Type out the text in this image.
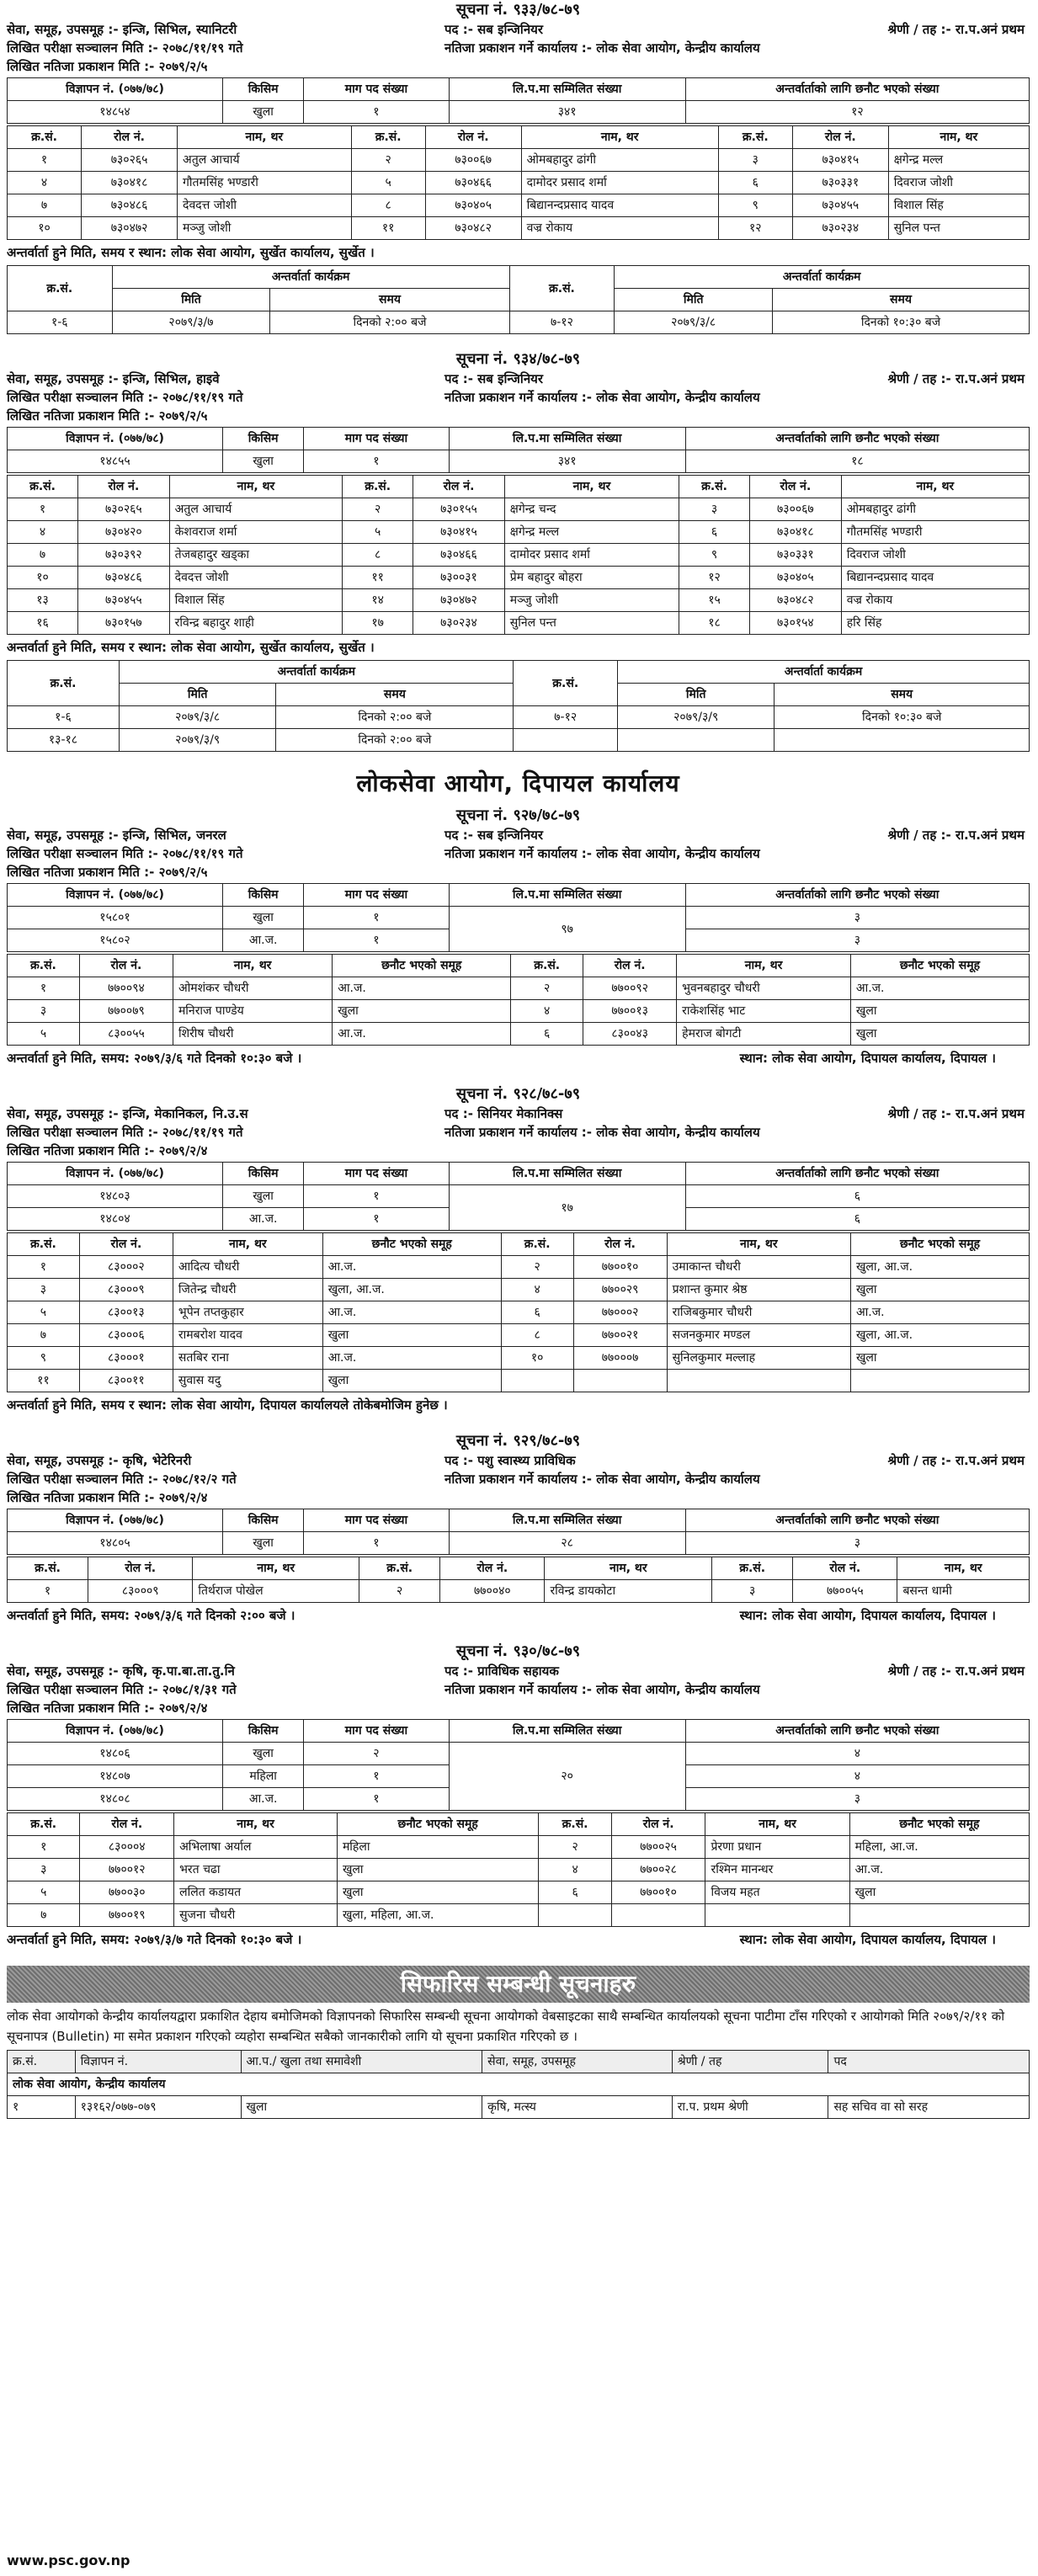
सूचना नं. ९३३/७८-७९
सेवा, समूह, उपसमूह :- इन्जि, सिभिल, स्यानिटरी	पद :- सब इन्जिनियर	श्रेणी / तह :- रा.प.अनं प्रथम
लिखित परीक्षा सञ्चालन मिति :- २०७८/११/१९ गते	नतिजा प्रकाशन गर्ने कार्यालय :- लोक सेवा आयोग, केन्द्रीय कार्यालय
लिखित नतिजा प्रकाशन मिति :- २०७९/२/५
विज्ञापन नं. (०७७/७८)	किसिम	माग पद संख्या	लि.प.मा सम्मिलित संख्या	अन्तर्वार्ताको लागि छनौट भएको संख्या
१४८५४	खुला	१	३४१	१२
क्र.सं.	रोल नं.	नाम, थर	क्र.सं.	रोल नं.	नाम, थर	क्र.सं.	रोल नं.	नाम, थर
१	७३०२६५	अतुल आचार्य	२	७३००६७	ओमबहादुर ढांगी	३	७३०४१५	क्षगेन्द्र मल्ल
४	७३०४१८	गौतमसिंह भण्डारी	५	७३०४६६	दामोदर प्रसाद शर्मा	६	७३०३३१	दिवराज जोशी
७	७३०४८६	देवदत्त जोशी	८	७३०४०५	बिद्यानन्दप्रसाद यादव	९	७३०४५५	विशाल सिंह
१०	७३०४७२	मञ्जु जोशी	११	७३०४८२	वज्र रोकाय	१२	७३०२३४	सुनिल पन्त
अन्तर्वार्ता हुने मिति, समय र स्थान: लोक सेवा आयोग, सुर्खेत कार्यालय, सुर्खेत ।
क्र.सं.	अन्तर्वार्ता कार्यक्रम		क्र.सं.	अन्तर्वार्ता कार्यक्रम	
	मिति	समय		मिति	समय
१-६	२०७९/३/७	दिनको २:०० बजे	७-१२	२०७९/३/८	दिनको १०:३० बजे
सूचना नं. ९३४/७८-७९
सेवा, समूह, उपसमूह :- इन्जि, सिभिल, हाइवे	पद :- सब इन्जिनियर	श्रेणी / तह :- रा.प.अनं प्रथम
लिखित परीक्षा सञ्चालन मिति :- २०७८/११/१९ गते	नतिजा प्रकाशन गर्ने कार्यालय :- लोक सेवा आयोग, केन्द्रीय कार्यालय
लिखित नतिजा प्रकाशन मिति :- २०७९/२/५
विज्ञापन नं. (०७७/७८)	किसिम	माग पद संख्या	लि.प.मा सम्मिलित संख्या	अन्तर्वार्ताको लागि छनौट भएको संख्या
१४८५५	खुला	१	३४१	१८
क्र.सं.	रोल नं.	नाम, थर	क्र.सं.	रोल नं.	नाम, थर	क्र.सं.	रोल नं.	नाम, थर
१	७३०२६५	अतुल आचार्य	२	७३०१५५	क्षगेन्द्र चन्द	३	७३००६७	ओमबहादुर ढांगी
४	७३०४२०	केशवराज शर्मा	५	७३०४१५	क्षगेन्द्र मल्ल	६	७३०४१८	गौतमसिंह भण्डारी
७	७३०३९२	तेजबहादुर खड्का	८	७३०४६६	दामोदर प्रसाद शर्मा	९	७३०३३१	दिवराज जोशी
१०	७३०४८६	देवदत्त जोशी	११	७३००३१	प्रेम बहादुर बोहरा	१२	७३०४०५	बिद्यानन्दप्रसाद यादव
१३	७३०४५५	विशाल सिंह	१४	७३०४७२	मञ्जु जोशी	१५	७३०४८२	वज्र रोकाय
१६	७३०१५७	रविन्द्र बहादुर शाही	१७	७३०२३४	सुनिल पन्त	१८	७३०१५४	हरि सिंह
अन्तर्वार्ता हुने मिति, समय र स्थान: लोक सेवा आयोग, सुर्खेत कार्यालय, सुर्खेत ।
क्र.सं.	अन्तर्वार्ता कार्यक्रम		क्र.सं.	अन्तर्वार्ता कार्यक्रम	
	मिति	समय		मिति	समय
१-६	२०७९/३/८	दिनको २:०० बजे	७-१२	२०७९/३/९	दिनको १०:३० बजे
१३-१८	२०७९/३/९	दिनको २:०० बजे			
लोकसेवा आयोग, दिपायल कार्यालय
सूचना नं. ९२७/७८-७९
सेवा, समूह, उपसमूह :- इन्जि, सिभिल, जनरल	पद :- सब इन्जिनियर	श्रेणी / तह :- रा.प.अनं प्रथम
लिखित परीक्षा सञ्चालन मिति :- २०७८/११/१९ गते	नतिजा प्रकाशन गर्ने कार्यालय :- लोक सेवा आयोग, केन्द्रीय कार्यालय
लिखित नतिजा प्रकाशन मिति :- २०७९/२/५
विज्ञापन नं. (०७७/७८)	किसिम	माग पद संख्या	लि.प.मा सम्मिलित संख्या	अन्तर्वार्ताको लागि छनौट भएको संख्या
१५८०१	खुला	१	९७	३
१५८०२	आ.ज.	१		३
क्र.सं.	रोल नं.	नाम, थर	छनौट भएको समूह	क्र.सं.	रोल नं.	नाम, थर	छनौट भएको समूह
१	७७००९४	ओमशंकर चौधरी	आ.ज.	२	७७००९२	भुवनबहादुर चौधरी	आ.ज.
३	७७००७९	मनिराज पाण्डेय	खुला	४	७७००१३	राकेशसिंह भाट	खुला
५	८३००५५	शिरीष चौधरी	आ.ज.	६	८३००४३	हेमराज बोगटी	खुला
अन्तर्वार्ता हुने मिति, समय: २०७९/३/६ गते दिनको १०:३० बजे ।	स्थान: लोक सेवा आयोग, दिपायल कार्यालय, दिपायल ।
सूचना नं. ९२८/७८-७९
सेवा, समूह, उपसमूह :- इन्जि, मेकानिकल, नि.उ.स	पद :- सिनियर मेकानिक्स	श्रेणी / तह :- रा.प.अनं प्रथम
लिखित परीक्षा सञ्चालन मिति :- २०७८/११/१९ गते	नतिजा प्रकाशन गर्ने कार्यालय :- लोक सेवा आयोग, केन्द्रीय कार्यालय
लिखित नतिजा प्रकाशन मिति :- २०७९/२/४
विज्ञापन नं. (०७७/७८)	किसिम	माग पद संख्या	लि.प.मा सम्मिलित संख्या	अन्तर्वार्ताको लागि छनौट भएको संख्या
१४८०३	खुला	१	१७	६
१४८०४	आ.ज.	१		६
क्र.सं.	रोल नं.	नाम, थर	छनौट भएको समूह	क्र.सं.	रोल नं.	नाम, थर	छनौट भएको समूह
१	८३०००२	आदित्य चौधरी	आ.ज.	२	७७००१०	उमाकान्त चौधरी	खुला, आ.ज.
३	८३०००९	जितेन्द्र चौधरी	खुला, आ.ज.	४	७७००२९	प्रशान्त कुमार श्रेष्ठ	खुला
५	८३००१३	भूपेन तप्तकुहार	आ.ज.	६	७७०००२	राजिबकुमार चौधरी	आ.ज.
७	८३०००६	रामबरोश यादव	खुला	८	७७००२१	सजनकुमार मण्डल	खुला, आ.ज.
९	८३०००१	सतबिर राना	आ.ज.	१०	७७०००७	सुनिलकुमार मल्लाह	खुला
११	८३००११	सुवास यदु	खुला				
अन्तर्वार्ता हुने मिति, समय र स्थान: लोक सेवा आयोग, दिपायल कार्यालयले तोकेबमोजिम हुनेछ ।
सूचना नं. ९२९/७८-७९
सेवा, समूह, उपसमूह :- कृषि, भेटेरिनरी	पद :- पशु स्वास्थ्य प्राविधिक	श्रेणी / तह :- रा.प.अनं प्रथम
लिखित परीक्षा सञ्चालन मिति :- २०७८/१२/२ गते	नतिजा प्रकाशन गर्ने कार्यालय :- लोक सेवा आयोग, केन्द्रीय कार्यालय
लिखित नतिजा प्रकाशन मिति :- २०७९/२/४
विज्ञापन नं. (०७७/७८)	किसिम	माग पद संख्या	लि.प.मा सम्मिलित संख्या	अन्तर्वार्ताको लागि छनौट भएको संख्या
१४८०५	खुला	१	२८	३
क्र.सं.	रोल नं.	नाम, थर	क्र.सं.	रोल नं.	नाम, थर	क्र.सं.	रोल नं.	नाम, थर
१	८३०००९	तिर्थराज पोखेल	२	७७००४०	रविन्द्र डायकोटा	३	७७००५५	बसन्त धामी
अन्तर्वार्ता हुने मिति, समय: २०७९/३/६ गते दिनको २:०० बजे ।	स्थान: लोक सेवा आयोग, दिपायल कार्यालय, दिपायल ।
सूचना नं. ९३०/७८-७९
सेवा, समूह, उपसमूह :- कृषि, कृ.पा.बा.ता.तु.नि	पद :- प्राविधिक सहायक	श्रेणी / तह :- रा.प.अनं प्रथम
लिखित परीक्षा सञ्चालन मिति :- २०७८/१/३१ गते	नतिजा प्रकाशन गर्ने कार्यालय :- लोक सेवा आयोग, केन्द्रीय कार्यालय
लिखित नतिजा प्रकाशन मिति :- २०७९/२/४
विज्ञापन नं. (०७७/७८)	किसिम	माग पद संख्या	लि.प.मा सम्मिलित संख्या	अन्तर्वार्ताको लागि छनौट भएको संख्या
१४८०६	खुला	२	२०	४
१४८०७	महिला	१		४
१४८०८	आ.ज.	१		३
क्र.सं.	रोल नं.	नाम, थर	छनौट भएको समूह	क्र.सं.	रोल नं.	नाम, थर	छनौट भएको समूह
१	८३०००४	अभिलाषा अर्याल	महिला	२	७७००२५	प्रेरणा प्रधान	महिला, आ.ज.
३	७७००१२	भरत चढा	खुला	४	७७००२८	रश्मिन मानन्धर	आ.ज.
५	७७००३०	ललित कडायत	खुला	६	७७००१०	विजय महत	खुला
७	७७००१९	सुजना चौधरी	खुला, महिला, आ.ज.				
अन्तर्वार्ता हुने मिति, समय: २०७९/३/७ गते दिनको १०:३० बजे ।	स्थान: लोक सेवा आयोग, दिपायल कार्यालय, दिपायल ।
सिफारिस सम्बन्धी सूचनाहरु
लोक सेवा आयोगको केन्द्रीय कार्यालयद्वारा प्रकाशित देहाय बमोजिमको विज्ञापनको सिफारिस सम्बन्धी सूचना आयोगको वेबसाइटका साथै सम्बन्धित कार्यालयको सूचना पाटीमा टाँस गरिएको र आयोगको मिति २०७९/२/११ को सूचनापत्र (Bulletin) मा समेत प्रकाशन गरिएको व्यहोरा सम्बन्धित सबैको जानकारीको लागि यो सूचना प्रकाशित गरिएको छ ।
क्र.सं.	विज्ञापन नं.	आ.प./ खुला तथा समावेशी	सेवा, समूह, उपसमूह	श्रेणी / तह	पद
लोक सेवा आयोग, केन्द्रीय कार्यालय					
१	१३१६२/०७७-०७९	खुला	कृषि, मत्स्य	रा.प. प्रथम श्रेणी	सह सचिव वा सो सरह
www.psc.gov.np
